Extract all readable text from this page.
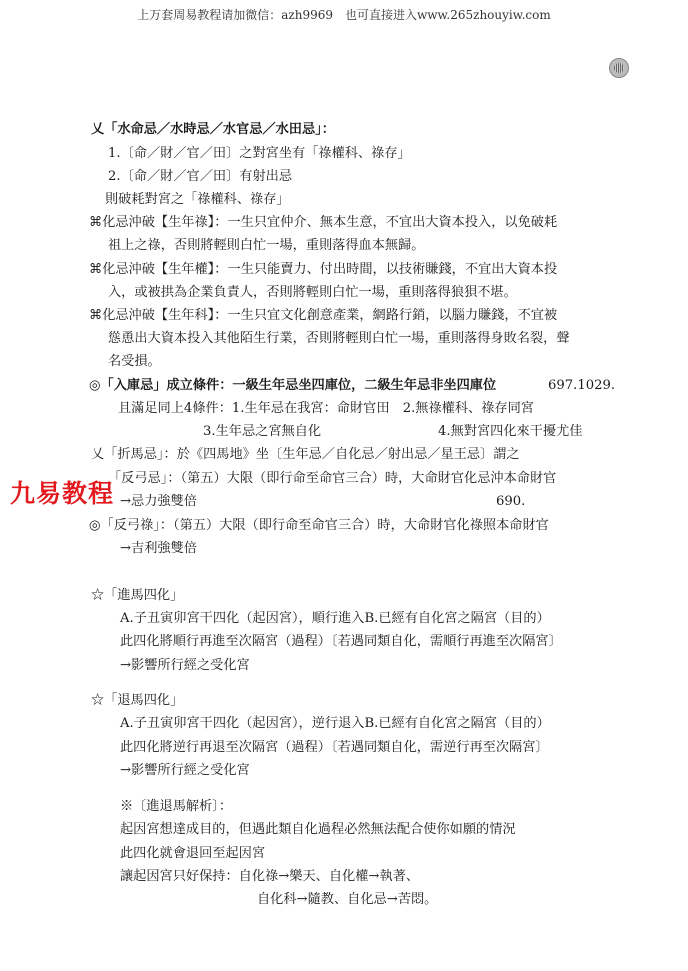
上万套周易教程请加微信：azh9969　也可直接进入www.265zhouyiw.com
乂「水命忌／水時忌／水官忌／水田忌」：
1.〔命／財／官／田〕之對宮坐有「祿權科、祿存」
2.〔命／財／官／田〕有射出忌
則破耗對宮之「祿權科、祿存」
⌘化忌沖破【生年祿】：一生只宜仲介、無本生意，不宜出大資本投入，以免破耗
祖上之祿，否則將輕則白忙一場，重則落得血本無歸。
⌘化忌沖破【生年權】：一生只能賣力、付出時間，以技術賺錢，不宜出大資本投
入，或被拱為企業負責人，否則將輕則白忙一場，重則落得狼狽不堪。
⌘化忌沖破【生年科】：一生只宜文化創意產業，網路行銷，以腦力賺錢，不宜被
慫恿出大資本投入其他陌生行業，否則將輕則白忙一場，重則落得身敗名裂，聲
名受損。
◎「入庫忌」成立條件：一級生年忌坐四庫位，二級生年忌非坐四庫位	697.1029.
且滿足同上4條件：1.生年忌在我宮：命財官田　2.無祿權科、祿存同宮
3.生年忌之宮無自化	4.無對宮四化來干擾尤佳
乂「折馬忌」：於《四馬地》坐〔生年忌／自化忌／射出忌／星王忌〕謂之
「反弓忌」：（第五）大限（即行命至命官三合）時，大命財官化忌沖本命財官
→忌力強雙倍	690.
◎「反弓祿」：（第五）大限（即行命至命官三合）時，大命財官化祿照本命財官
→吉利強雙倍
九易教程
☆「進馬四化」
A.子丑寅卯宮干四化（起因宮），順行進入B.已經有自化宮之隔宮（目的）
此四化將順行再進至次隔宮（過程）〔若遇同類自化，需順行再進至次隔宮〕
→影響所行經之受化宮
☆「退馬四化」
A.子丑寅卯宮干四化（起因宮），逆行退入B.已經有自化宮之隔宮（目的）
此四化將逆行再退至次隔宮（過程）〔若遇同類自化，需逆行再至次隔宮〕
→影響所行經之受化宮
※〔進退馬解析〕：
起因宮想達成目的，但遇此類自化過程必然無法配合使你如願的情況
此四化就會退回至起因宮
讓起因宮只好保持：自化祿→樂天、自化權→執著、
自化科→隨教、自化忌→苦悶。
